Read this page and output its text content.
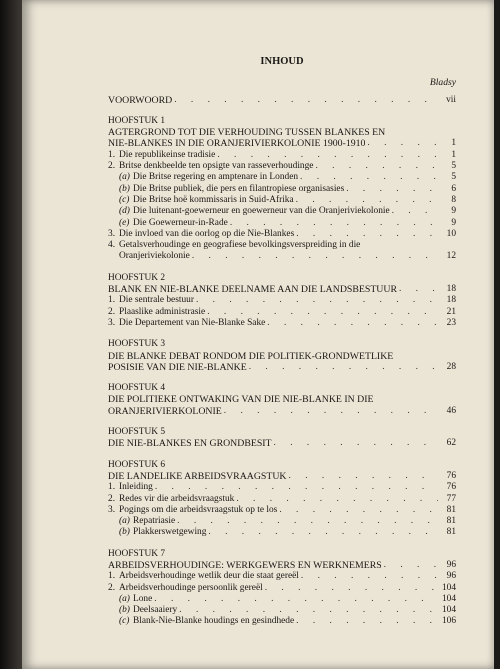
INHOUD
Bladsy
VOORWOORD . . .	vii
HOOFSTUK 1
AGTERGROND TOT DIE VERHOUDING TUSSEN BLANKES EN
NIE-BLANKES IN DIE ORANJERIVIERKOLONIE 1900-1910 . . .	1
1. Die republikeinse tradisie . . .	1
2. Britse denkbeelde ten opsigte van rasseverhoudinge . . .	5
(a) Die Britse regering en amptenare in Londen . . .	5
(b) Die Britse publiek, die pers en filantropiese organisasies . . .	6
(c) Die Britse hoë kommissaris in Suid-Afrika . . .	8
(d) Die luitenant-goewerneur en goewerneur van die Oranjeriviekolonie . . .	9
(e) Die Goewerneur-in-Rade . . .	9
3. Die invloed van die oorlog op die Nie-Blankes . . .	10
4. Getalsverhoudinge en geografiese bevolkingsverspreiding in die
Oranjeriviekolonie . . .	12
HOOFSTUK 2
BLANK EN NIE-BLANKE DEELNAME AAN DIE LANDSBESTUUR . . .	18
1. Die sentrale bestuur . . .	18
2. Plaaslike administrasie . . .	21
3. Die Departement van Nie-Blanke Sake . . .	23
HOOFSTUK 3
DIE BLANKE DEBAT RONDOM DIE POLITIEK-GRONDWETLIKE
POSISIE VAN DIE NIE-BLANKE . . .	28
HOOFSTUK 4
DIE POLITIEKE ONTWAKING VAN DIE NIE-BLANKE IN DIE
ORANJERIVIERKOLONIE . . .	46
HOOFSTUK 5
DIE NIE-BLANKES EN GRONDBESIT . . .	62
HOOFSTUK 6
DIE LANDELIKE ARBEIDSVRAAGSTUK . . .	76
1. Inleiding . . .	76
2. Redes vir die arbeidsvraagstuk . . .	77
3. Pogings om die arbeidsvraagstuk op te los . . .	81
(a) Repatriasie . . .	81
(b) Plakkerswetgewing . . .	81
HOOFSTUK 7
ARBEIDSVERHOUDINGE: WERKGEWERS EN WERKNEMERS . . .	96
1. Arbeidsverhoudinge wetlik deur die staat gereël . . .	96
2. Arbeidsverhoudinge persoonlik gereël . . .	104
(a) Lone . . .	104
(b) Deelsaaiery . . .	104
(c) Blank-Nie-Blanke houdings en gesindhede . . .	106
